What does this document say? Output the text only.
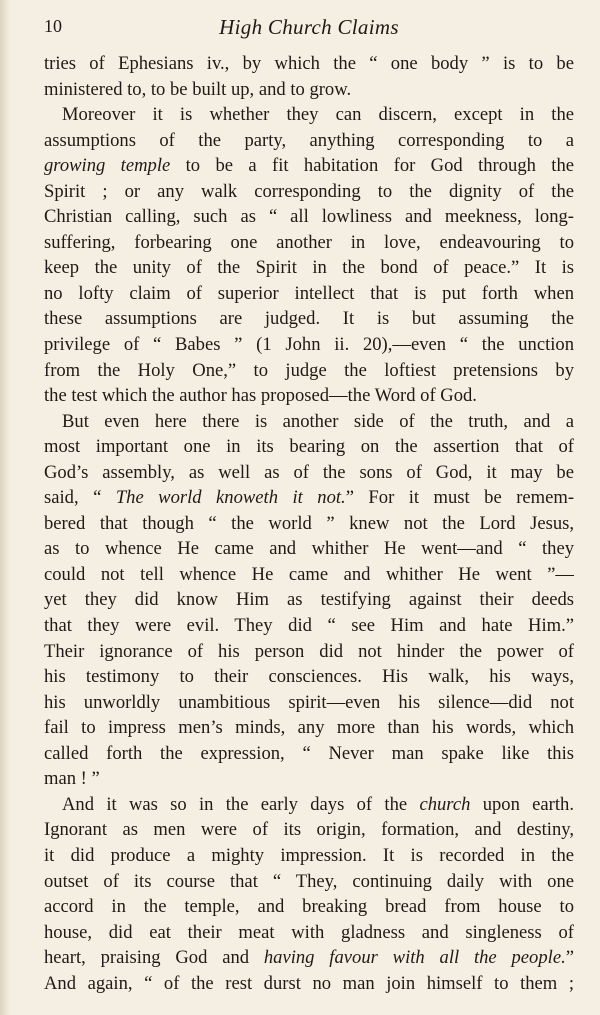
10	High Church Claims
tries of Ephesians iv., by which the “ one body ” is to be
ministered to, to be built up, and to grow.
Moreover it is whether they can discern, except in the
assumptions of the party, anything corresponding to a
growing temple to be a fit habitation for God through the
Spirit ; or any walk corresponding to the dignity of the
Christian calling, such as “ all lowliness and meekness, long-
suffering, forbearing one another in love, endeavouring to
keep the unity of the Spirit in the bond of peace.” It is
no lofty claim of superior intellect that is put forth when
these assumptions are judged. It is but assuming the
privilege of “ Babes ” (1 John ii. 20),—even “ the unction
from the Holy One,” to judge the loftiest pretensions by
the test which the author has proposed—the Word of God.
But even here there is another side of the truth, and a
most important one in its bearing on the assertion that of
God’s assembly, as well as of the sons of God, it may be
said, “ The world knoweth it not.” For it must be remem-
bered that though “ the world ” knew not the Lord Jesus,
as to whence He came and whither He went—and “ they
could not tell whence He came and whither He went ”—
yet they did know Him as testifying against their deeds
that they were evil. They did “ see Him and hate Him.”
Their ignorance of his person did not hinder the power of
his testimony to their consciences. His walk, his ways,
his unworldly unambitious spirit—even his silence—did not
fail to impress men’s minds, any more than his words, which
called forth the expression, “ Never man spake like this
man ! ”
And it was so in the early days of the church upon earth.
Ignorant as men were of its origin, formation, and destiny,
it did produce a mighty impression. It is recorded in the
outset of its course that “ They, continuing daily with one
accord in the temple, and breaking bread from house to
house, did eat their meat with gladness and singleness of
heart, praising God and having favour with all the people.”
And again, “ of the rest durst no man join himself to them ;
